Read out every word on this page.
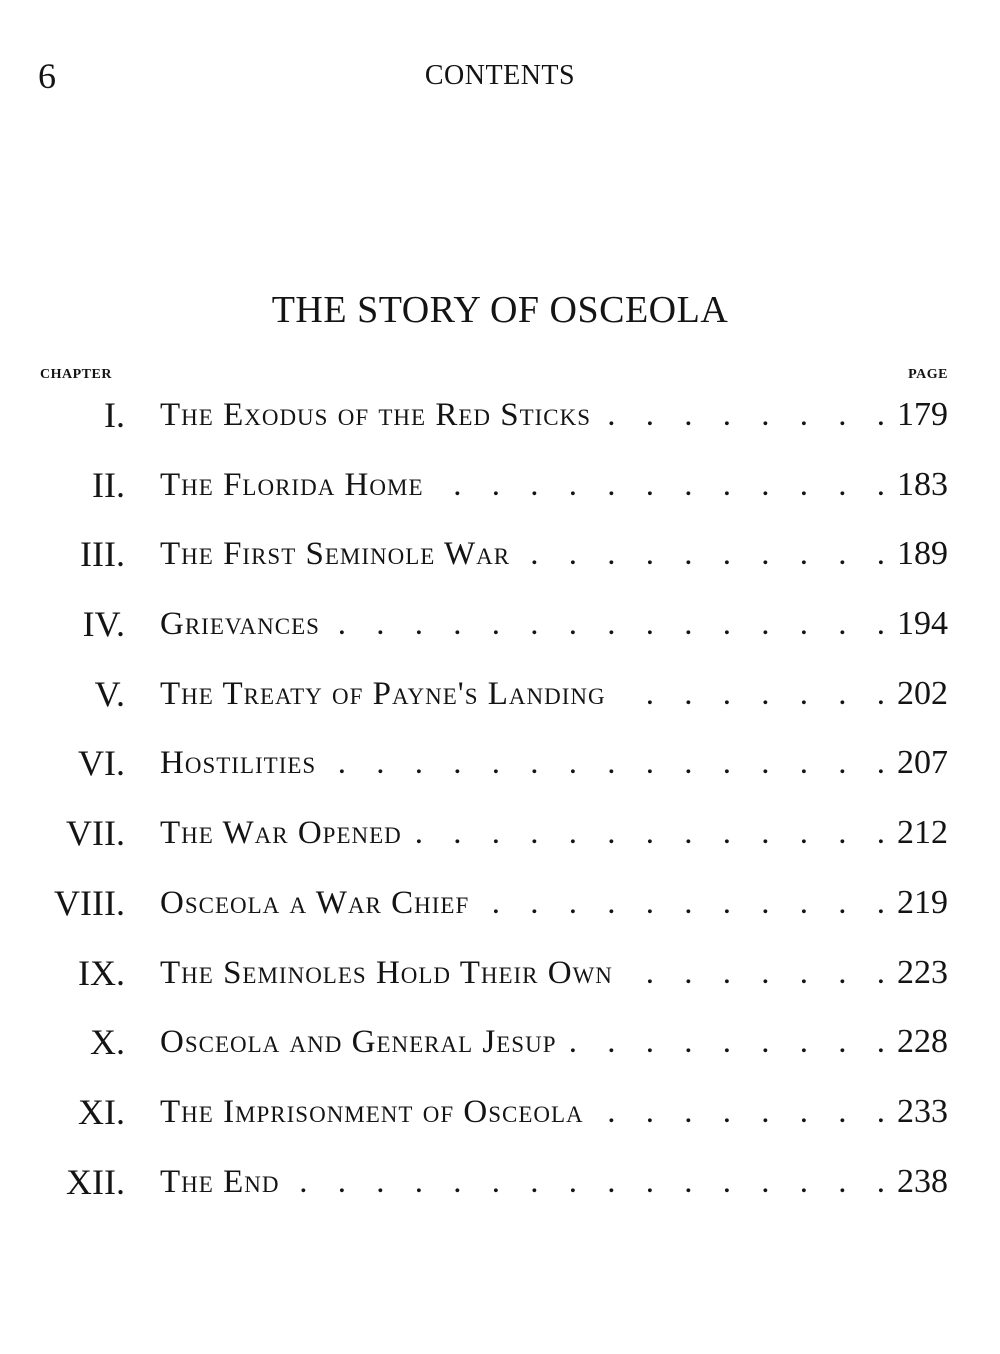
6	CONTENTS
THE STORY OF OSCEOLA
CHAPTER	PAGE
I. The Exodus of the Red Sticks . . .	179
II. The Florida Home . . .	183
III. The First Seminole War . . .	189
IV. Grievances . . .	194
V. The Treaty of Payne's Landing . . .	202
VI. Hostilities . . .	207
VII. The War Opened . . .	212
VIII. Osceola a War Chief . . .	219
IX. The Seminoles Hold Their Own . . .	223
X. Osceola and General Jesup . . .	228
XI. The Imprisonment of Osceola . . .	233
XII. The End . . .	238
